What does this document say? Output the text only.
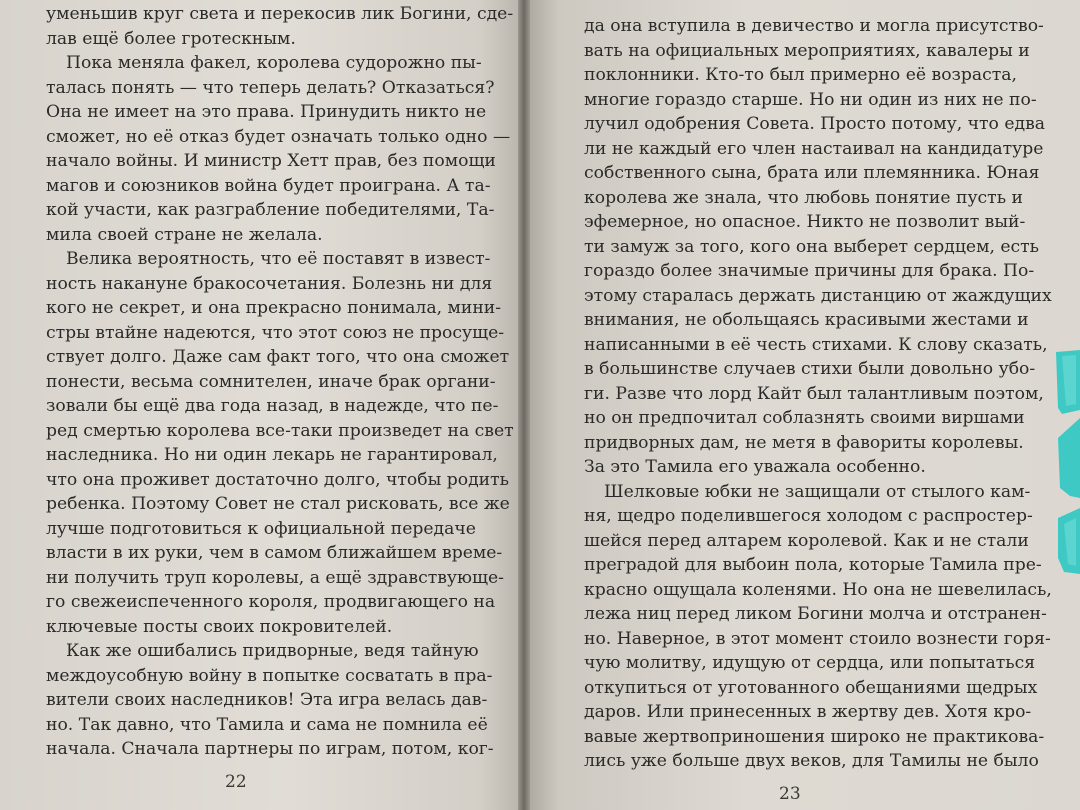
уменьшив круг света и перекосив лик Богини, сде-
лав ещё более гротескным.
Пока меняла факел, королева судорожно пы-
талась понять — что теперь делать? Отказаться?
Она не имеет на это права. Принудить никто не
сможет, но её отказ будет означать только одно —
начало войны. И министр Хетт прав, без помощи
магов и союзников война будет проиграна. А та-
кой участи, как разграбление победителями, Та-
мила своей стране не желала.
Велика вероятность, что её поставят в извест-
ность накануне бракосочетания. Болезнь ни для
кого не секрет, и она прекрасно понимала, мини-
стры втайне надеются, что этот союз не просуще-
ствует долго. Даже сам факт того, что она сможет
понести, весьма сомнителен, иначе брак органи-
зовали бы ещё два года назад, в надежде, что пе-
ред смертью королева все-таки произведет на свет
наследника. Но ни один лекарь не гарантировал,
что она проживет достаточно долго, чтобы родить
ребенка. Поэтому Совет не стал рисковать, все же
лучше подготовиться к официальной передаче
власти в их руки, чем в самом ближайшем време-
ни получить труп королевы, а ещё здравствующе-
го свежеиспеченного короля, продвигающего на
ключевые посты своих покровителей.
Как же ошибались придворные, ведя тайную
междоусобную войну в попытке сосватать в пра-
вители своих наследников! Эта игра велась дав-
но. Так давно, что Тамила и сама не помнила её
начала. Сначала партнеры по играм, потом, ког-
22
да она вступила в девичество и могла присутство-
вать на официальных мероприятиях, кавалеры и
поклонники. Кто-то был примерно её возраста,
многие гораздо старше. Но ни один из них не по-
лучил одобрения Совета. Просто потому, что едва
ли не каждый его член настаивал на кандидатуре
собственного сына, брата или племянника. Юная
королева же знала, что любовь понятие пусть и
эфемерное, но опасное. Никто не позволит вый-
ти замуж за того, кого она выберет сердцем, есть
гораздо более значимые причины для брака. По-
этому старалась держать дистанцию от жаждущих
внимания, не обольщаясь красивыми жестами и
написанными в её честь стихами. К слову сказать,
в большинстве случаев стихи были довольно убо-
ги. Разве что лорд Кайт был талантливым поэтом,
но он предпочитал соблазнять своими виршами
придворных дам, не метя в фавориты королевы.
За это Тамила его уважала особенно.
Шелковые юбки не защищали от стылого кам-
ня, щедро поделившегося холодом с распростер-
шейся перед алтарем королевой. Как и не стали
преградой для выбоин пола, которые Тамила пре-
красно ощущала коленями. Но она не шевелилась,
лежа ниц перед ликом Богини молча и отстранен-
но. Наверное, в этот момент стоило вознести горя-
чую молитву, идущую от сердца, или попытаться
откупиться от уготованного обещаниями щедрых
даров. Или принесенных в жертву дев. Хотя кро-
вавые жертвоприношения широко не практикова-
лись уже больше двух веков, для Тамилы не было
23
